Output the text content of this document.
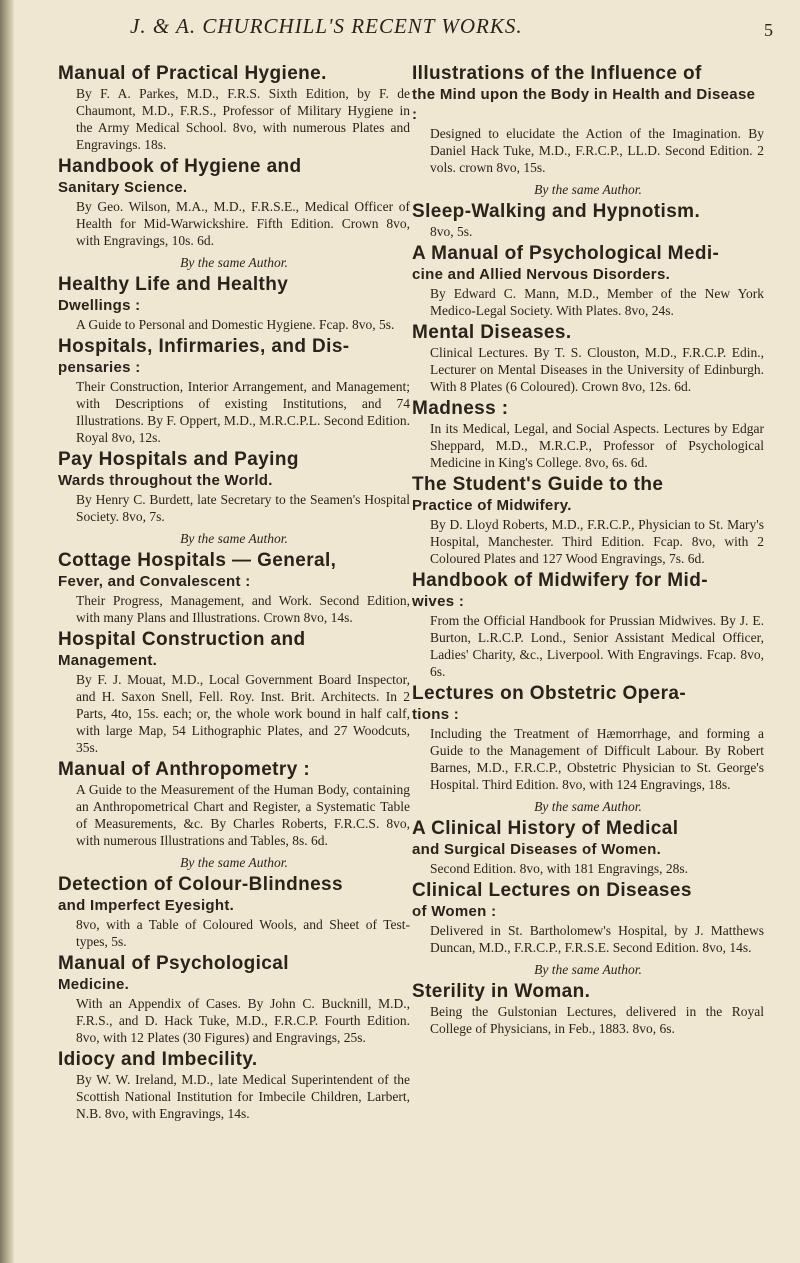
J. & A. CHURCHILL'S RECENT WORKS.	5
Manual of Practical Hygiene.
By F. A. Parkes, M.D., F.R.S. Sixth Edition, by F. de Chaumont, M.D., F.R.S., Professor of Military Hygiene in the Army Medical School. 8vo, with numerous Plates and Engravings. 18s.
Handbook of Hygiene and
Sanitary Science.
By Geo. Wilson, M.A., M.D., F.R.S.E., Medical Officer of Health for Mid-Warwickshire. Fifth Edition. Crown 8vo, with Engravings, 10s. 6d.
By the same Author.
Healthy Life and Healthy
Dwellings :
A Guide to Personal and Domestic Hygiene. Fcap. 8vo, 5s.
Hospitals, Infirmaries, and Dis-
pensaries :
Their Construction, Interior Arrangement, and Management; with Descriptions of existing Institutions, and 74 Illustrations. By F. Oppert, M.D., M.R.C.P.L. Second Edition. Royal 8vo, 12s.
Pay Hospitals and Paying
Wards throughout the World.
By Henry C. Burdett, late Secretary to the Seamen's Hospital Society. 8vo, 7s.
By the same Author.
Cottage Hospitals — General,
Fever, and Convalescent :
Their Progress, Management, and Work. Second Edition, with many Plans and Illustrations. Crown 8vo, 14s.
Hospital Construction and
Management.
By F. J. Mouat, M.D., Local Government Board Inspector, and H. Saxon Snell, Fell. Roy. Inst. Brit. Architects. In 2 Parts, 4to, 15s. each; or, the whole work bound in half calf, with large Map, 54 Lithographic Plates, and 27 Woodcuts, 35s.
Manual of Anthropometry :
A Guide to the Measurement of the Human Body, containing an Anthropometrical Chart and Register, a Systematic Table of Measurements, &c. By Charles Roberts, F.R.C.S. 8vo, with numerous Illustrations and Tables, 8s. 6d.
By the same Author.
Detection of Colour-Blindness
and Imperfect Eyesight.
8vo, with a Table of Coloured Wools, and Sheet of Test-types, 5s.
Manual of Psychological
Medicine.
With an Appendix of Cases. By John C. Bucknill, M.D., F.R.S., and D. Hack Tuke, M.D., F.R.C.P. Fourth Edition. 8vo, with 12 Plates (30 Figures) and Engravings, 25s.
Idiocy and Imbecility.
By W. W. Ireland, M.D., late Medical Superintendent of the Scottish National Institution for Imbecile Children, Larbert, N.B. 8vo, with Engravings, 14s.
Illustrations of the Influence of
the Mind upon the Body in Health and Disease :
Designed to elucidate the Action of the Imagination. By Daniel Hack Tuke, M.D., F.R.C.P., LL.D. Second Edition. 2 vols. crown 8vo, 15s.
By the same Author.
Sleep-Walking and Hypnotism.
8vo, 5s.
A Manual of Psychological Medi-
cine and Allied Nervous Disorders.
By Edward C. Mann, M.D., Member of the New York Medico-Legal Society. With Plates. 8vo, 24s.
Mental Diseases.
Clinical Lectures. By T. S. Clouston, M.D., F.R.C.P. Edin., Lecturer on Mental Diseases in the University of Edinburgh. With 8 Plates (6 Coloured). Crown 8vo, 12s. 6d.
Madness :
In its Medical, Legal, and Social Aspects. Lectures by Edgar Sheppard, M.D., M.R.C.P., Professor of Psychological Medicine in King's College. 8vo, 6s. 6d.
The Student's Guide to the
Practice of Midwifery.
By D. Lloyd Roberts, M.D., F.R.C.P., Physician to St. Mary's Hospital, Manchester. Third Edition. Fcap. 8vo, with 2 Coloured Plates and 127 Wood Engravings, 7s. 6d.
Handbook of Midwifery for Mid-
wives :
From the Official Handbook for Prussian Midwives. By J. E. Burton, L.R.C.P. Lond., Senior Assistant Medical Officer, Ladies' Charity, &c., Liverpool. With Engravings. Fcap. 8vo, 6s.
Lectures on Obstetric Opera-
tions :
Including the Treatment of Hæmorrhage, and forming a Guide to the Management of Difficult Labour. By Robert Barnes, M.D., F.R.C.P., Obstetric Physician to St. George's Hospital. Third Edition. 8vo, with 124 Engravings, 18s.
By the same Author.
A Clinical History of Medical
and Surgical Diseases of Women.
Second Edition. 8vo, with 181 Engravings, 28s.
Clinical Lectures on Diseases
of Women :
Delivered in St. Bartholomew's Hospital, by J. Matthews Duncan, M.D., F.R.C.P., F.R.S.E. Second Edition. 8vo, 14s.
By the same Author.
Sterility in Woman.
Being the Gulstonian Lectures, delivered in the Royal College of Physicians, in Feb., 1883. 8vo, 6s.
